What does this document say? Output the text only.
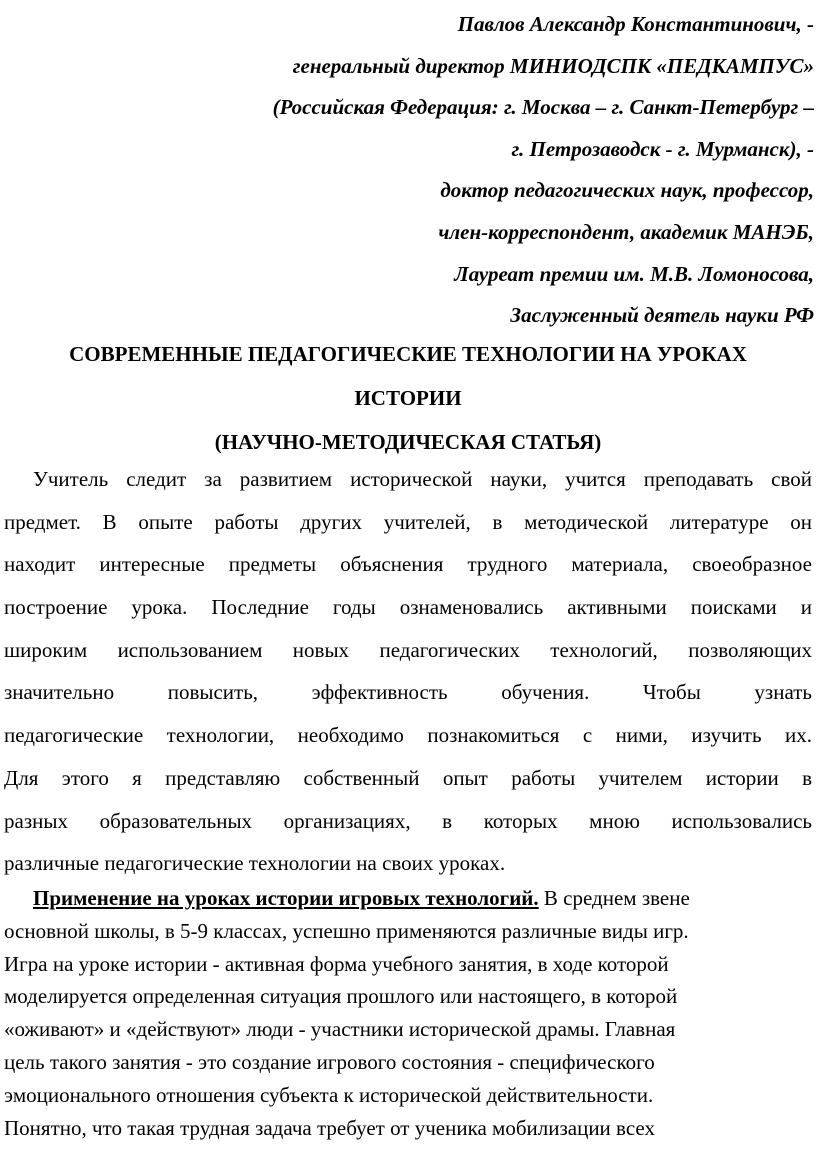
Павлов Александр Константинович, -
генеральный директор МИНИОДСПК «ПЕДКАМПУС»
(Российская Федерация: г. Москва – г. Санкт-Петербург –
г. Петрозаводск - г. Мурманск), -
доктор педагогических наук, профессор,
член-корреспондент, академик МАНЭБ,
Лауреат премии им. М.В. Ломоносова,
Заслуженный деятель науки РФ
СОВРЕМЕННЫЕ ПЕДАГОГИЧЕСКИЕ ТЕХНОЛОГИИ НА УРОКАХ
ИСТОРИИ
(НАУЧНО-МЕТОДИЧЕСКАЯ СТАТЬЯ)
Учитель следит за развитием исторической науки, учится преподавать свой
предмет. В опыте работы других учителей, в методической литературе он
находит интересные предметы объяснения трудного материала, своеобразное
построение урока. Последние годы ознаменовались активными поисками и
широким использованием новых педагогических технологий, позволяющих
значительно повысить, эффективность обучения. Чтобы узнать
педагогические технологии, необходимо познакомиться с ними, изучить их.
Для этого я представляю собственный опыт работы учителем истории в
разных образовательных организациях, в которых мною использовались
различные педагогические технологии на своих уроках.
Применение на уроках истории игровых технологий. В среднем звене
основной школы, в 5-9 классах, успешно применяются различные виды игр.
Игра на уроке истории - активная форма учебного занятия, в ходе которой
моделируется определенная ситуация прошлого или настоящего, в которой
«оживают» и «действуют» люди - участники исторической драмы. Главная
цель такого занятия - это создание игрового состояния - специфического
эмоционального отношения субъекта к исторической действительности.
Понятно, что такая трудная задача требует от ученика мобилизации всех
